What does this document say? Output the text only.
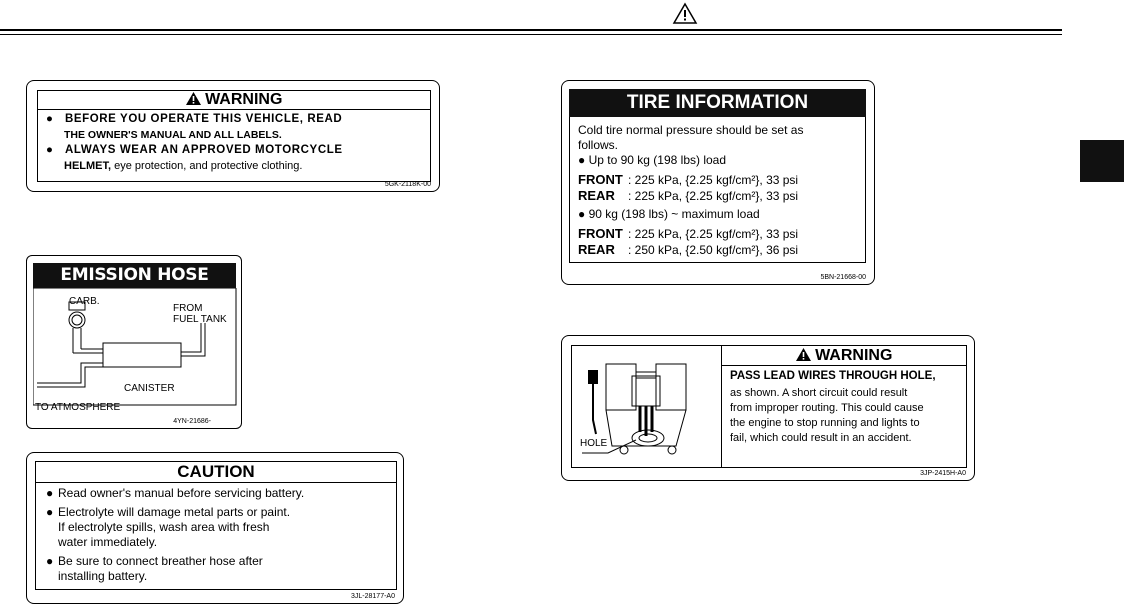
WARNING
●   BEFORE YOU OPERATE THIS VEHICLE, READ
THE OWNER'S MANUAL AND ALL LABELS.
●   ALWAYS WEAR AN APPROVED MOTORCYCLE
HELMET, eye protection, and protective clothing.
5GK-2118K-00
EMISSION HOSE ROUTING
CARB.
FROM
FUEL TANK
CANISTER
TO ATMOSPHERE
4YN-21686-
CAUTION
● Read owner's manual before servicing battery.
● Electrolyte will damage metal parts or paint.
If electrolyte spills, wash area with fresh
water immediately.
● Be sure to connect breather hose after
installing battery.
3JL-28177-A0
TIRE INFORMATION
Cold tire normal pressure should be set as
follows.
● Up to 90 kg (198 lbs) load
FRONT : 225 kPa, {2.25 kgf/cm²}, 33 psi
REAR : 225 kPa, {2.25 kgf/cm²}, 33 psi
● 90 kg (198 lbs) ~ maximum load
FRONT : 225 kPa, {2.25 kgf/cm²}, 33 psi
REAR : 250 kPa, {2.50 kgf/cm²}, 36 psi
5BN-21668-00
HOLE
WARNING
PASS LEAD WIRES THROUGH HOLE,
as shown. A short circuit could result
from improper routing. This could cause
the engine to stop running and lights to
fail, which could result in an accident.
3JP-2415H-A0
